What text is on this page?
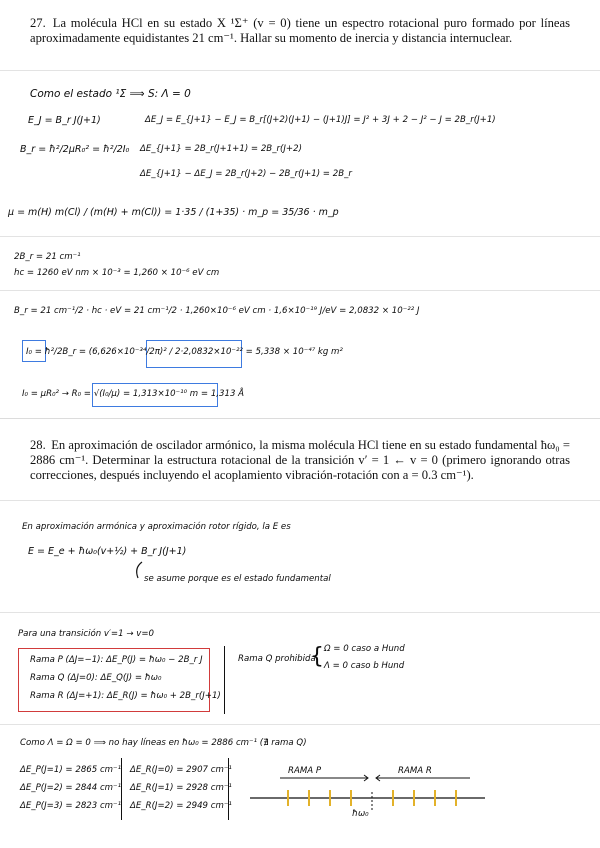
27. La molécula HCl en su estado X ¹Σ⁺ (v = 0) tiene un espectro rotacional puro formado por líneas aproximadamente equidistantes 21 cm⁻¹. Hallar su momento de inercia y distancia internuclear.
Como el estado ¹Σ ⟹ S: Λ = 0
E_J = B_r J(J+1)	ΔE_J = E_{J+1} − E_J = B_r[(J+2)(J+1) − (J+1)J] = J² + 3J + 2 − J² − J = 2B_r(J+1)
B_r = ħ²/2μR₀² = ħ²/2I₀ ΔE_{J+1} = 2B_r(J+1+1) = 2B_r(J+2)
ΔE_{J+1} − ΔE_J = 2B_r(J+2) − 2B_r(J+1) = 2B_r
μ = m(H) m(Cl) / (m(H) + m(Cl)) = 1·35 / (1+35) · m_p = 35/36 · m_p
2B_r = 21 cm⁻¹
hc = 1260 eV nm × 10⁻³ = 1,260 × 10⁻⁶ eV cm
B_r = 21 cm⁻¹/2 · hc · eV = 21 cm⁻¹/2 · 1,260×10⁻⁶ eV cm · 1,6×10⁻¹⁹ J/eV = 2,0832 × 10⁻²² J
I₀ = ħ²/2B_r = (6,626×10⁻³⁴/2π)² / 2·2,0832×10⁻²² = 5,338 × 10⁻⁴⁷ kg m²
I₀ = μR₀² → R₀ = √(I₀/μ) = 1,313×10⁻¹⁰ m = 1,313 Å
28. En aproximación de oscilador armónico, la misma molécula HCl tiene en su estado fundamental ħω₀ = 2886 cm⁻¹. Determinar la estructura rotacional de la transición v′ = 1 ← v = 0 (primero ignorando otras correcciones, después incluyendo el acoplamiento vibración-rotación con a = 0.3 cm⁻¹).
En aproximación armónica y aproximación rotor rígido, la E es
E = E_e + ħω₀(v+½) + B_r J(J+1)
se asume porque es el estado fundamental
Para una transición v′=1 → v=0
Rama P (ΔJ=−1): ΔE_P(J) = ħω₀ − 2B_r J
Rama Q (ΔJ=0): ΔE_Q(J) = ħω₀
Rama R (ΔJ=+1): ΔE_R(J) = ħω₀ + 2B_r(J+1)
Rama Q prohibida
{ Ω = 0 caso a Hund
Λ = 0 caso b Hund
Como Λ = Ω = 0 ⟹ no hay líneas en ħω₀ = 2886 cm⁻¹ (∄ rama Q)
ΔE_P(J=1) = 2865 cm⁻¹
ΔE_P(J=2) = 2844 cm⁻¹
ΔE_P(J=3) = 2823 cm⁻¹
ΔE_R(J=0) = 2907 cm⁻¹
ΔE_R(J=1) = 2928 cm⁻¹
ΔE_R(J=2) = 2949 cm⁻¹
RAMA P	RAMA R
ħω₀
